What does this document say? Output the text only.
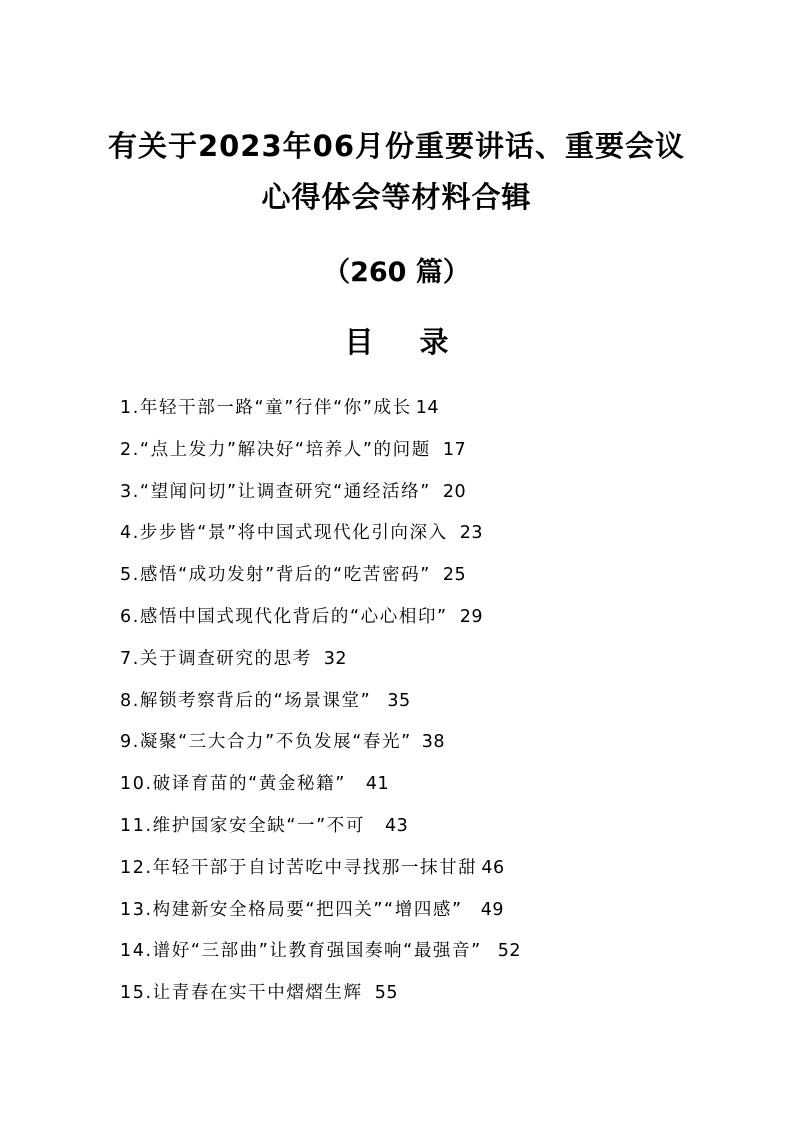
有关于2023年06月份重要讲话、重要会议
心得体会等材料合辑
（260 篇）
目 录
1.年轻干部一路“童”行伴“你”成长 14
2.“点上发力”解决好“培养人”的问题 17
3.“望闻问切”让调查研究“通经活络” 20
4.步步皆“景”将中国式现代化引向深入 23
5.感悟“成功发射”背后的“吃苦密码” 25
6.感悟中国式现代化背后的“心心相印” 29
7.关于调查研究的思考 32
8.解锁考察背后的“场景课堂” 35
9.凝聚“三大合力”不负发展“春光” 38
10.破译育苗的“黄金秘籍” 41
11.维护国家安全缺“一”不可 43
12.年轻干部于自讨苦吃中寻找那一抹甘甜 46
13.构建新安全格局要“把四关”“增四感” 49
14.谱好“三部曲”让教育强国奏响“最强音” 52
15.让青春在实干中熠熠生辉 55
